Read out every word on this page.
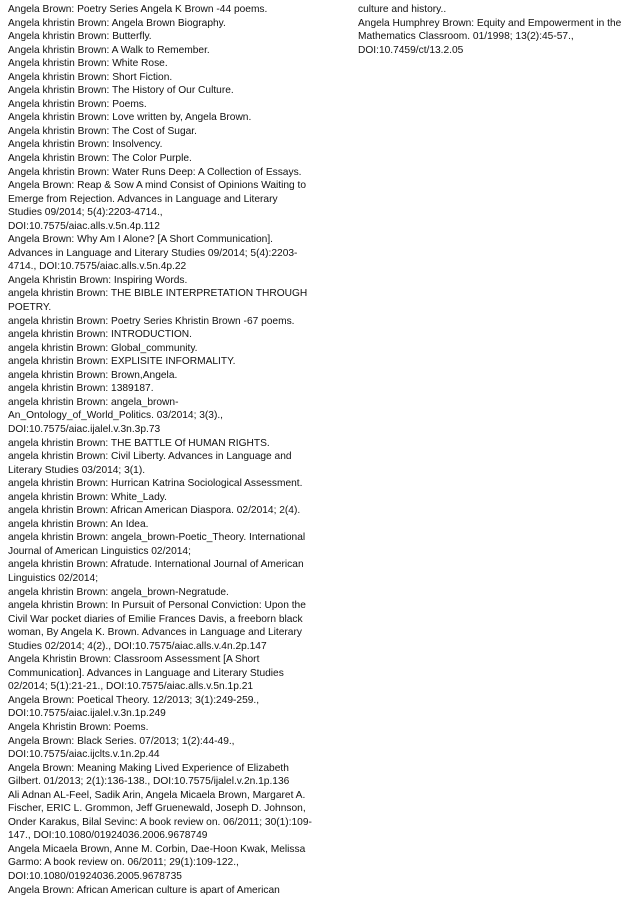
Angela Brown: Poetry Series Angela K Brown -44 poems.

Angela khristin Brown: Angela Brown Biography.

Angela khristin Brown: Butterfly.

Angela khristin Brown: A Walk to Remember.

Angela khristin Brown: White Rose.

Angela khristin Brown: Short Fiction.

Angela khristin Brown: The History of Our Culture.

Angela khristin Brown: Poems.

Angela khristin Brown: Love written by, Angela Brown.

Angela khristin Brown: The Cost of Sugar.

Angela khristin Brown: Insolvency.

Angela khristin Brown: The Color Purple.

Angela khristin Brown: Water Runs Deep: A Collection of Essays.

Angela Brown: Reap & Sow A mind Consist of Opinions Waiting to Emerge from Rejection. Advances in Language and Literary Studies 09/2014; 5(4):2203-4714., DOI:10.7575/aiac.alls.v.5n.4p.112

Angela Brown: Why Am I Alone? [A Short Communication]. Advances in Language and Literary Studies 09/2014; 5(4):2203-4714., DOI:10.7575/aiac.alls.v.5n.4p.22

Angela Khristin Brown: Inspiring Words.

angela khristin Brown: THE BIBLE INTERPRETATION THROUGH POETRY.

angela khristin Brown: Poetry Series Khristin Brown -67 poems.

angela khristin Brown: INTRODUCTION.

angela khristin Brown: Global_community.

angela khristin Brown: EXPLISITE INFORMALITY.

angela khristin Brown: Brown,Angela.

angela khristin Brown: 1389187.

angela khristin Brown: angela_brown-An_Ontology_of_World_Politics. 03/2014; 3(3)., DOI:10.7575/aiac.ijalel.v.3n.3p.73

angela khristin Brown: THE BATTLE Of HUMAN RIGHTS.

angela khristin Brown: Civil Liberty. Advances in Language and Literary Studies 03/2014; 3(1).

angela khristin Brown: Hurrican Katrina Sociological Assessment.

angela khristin Brown: White_Lady.

angela khristin Brown: African American Diaspora. 02/2014; 2(4).

angela khristin Brown: An Idea.

angela khristin Brown: angela_brown-Poetic_Theory. International Journal of American Linguistics 02/2014;

angela khristin Brown: Afratude. International Journal of American Linguistics 02/2014;

angela khristin Brown: angela_brown-Negratude.

angela khristin Brown: In Pursuit of Personal Conviction: Upon the Civil War pocket diaries of Emilie Frances Davis, a freeborn black woman, By Angela K. Brown. Advances in Language and Literary Studies 02/2014; 4(2)., DOI:10.7575/aiac.alls.v.4n.2p.147

Angela Khristin Brown: Classroom Assessment [A Short Communication]. Advances in Language and Literary Studies 02/2014; 5(1):21-21., DOI:10.7575/aiac.alls.v.5n.1p.21

Angela Brown: Poetical Theory. 12/2013; 3(1):249-259., DOI:10.7575/aiac.ijalel.v.3n.1p.249

Angela Khristin Brown: Poems.

Angela Brown: Black Series. 07/2013; 1(2):44-49., DOI:10.7575/aiac.ijclts.v.1n.2p.44

Angela Brown: Meaning Making Lived Experience of Elizabeth Gilbert. 01/2013; 2(1):136-138., DOI:10.7575/ijalel.v.2n.1p.136

Ali Adnan AL-Feel, Sadik Arin, Angela Micaela Brown, Margaret A. Fischer, ERIC L. Grommon, Jeff Gruenewald, Joseph D. Johnson, Onder Karakus, Bilal Sevinc: A book review on. 06/2011; 30(1):109-147., DOI:10.1080/01924036.2006.9678749

Angela Micaela Brown, Anne M. Corbin, Dae-Hoon Kwak, Melissa Garmo: A book review on. 06/2011; 29(1):109-122., DOI:10.1080/01924036.2005.9678735

Angela Brown: African American culture is apart of American

culture and history..

Angela Humphrey Brown: Equity and Empowerment in the Mathematics Classroom. 01/1998; 13(2):45-57., DOI:10.7459/ct/13.2.05
